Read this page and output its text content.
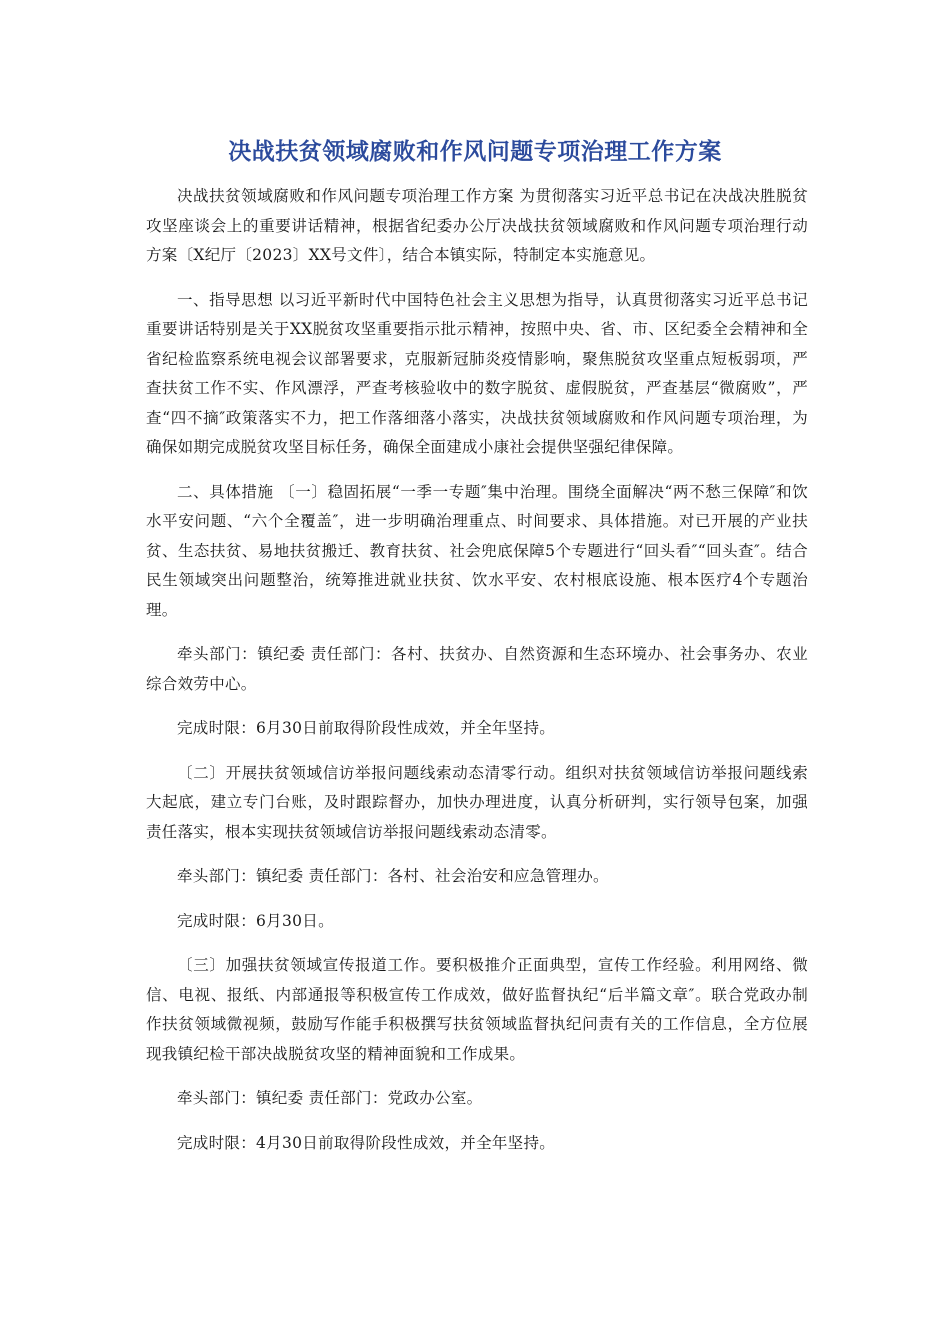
决战扶贫领域腐败和作风问题专项治理工作方案

决战扶贫领域腐败和作风问题专项治理工作方案 为贯彻落实习近平总书记在决战决胜脱贫攻坚座谈会上的重要讲话精神，根据省纪委办公厅决战扶贫领域腐败和作风问题专项治理行动方案〔X纪厅〔2023〕XX号文件〕，结合本镇实际，特制定本实施意见。

一、指导思想 以习近平新时代中国特色社会主义思想为指导，认真贯彻落实习近平总书记重要讲话特别是关于XX脱贫攻坚重要指示批示精神，按照中央、省、市、区纪委全会精神和全省纪检监察系统电视会议部署要求，克服新冠肺炎疫情影响，聚焦脱贫攻坚重点短板弱项，严查扶贫工作不实、作风漂浮，严查考核验收中的数字脱贫、虚假脱贫，严查基层“微腐败”，严查“四不摘″政策落实不力，把工作落细落小落实，决战扶贫领域腐败和作风问题专项治理，为确保如期完成脱贫攻坚目标任务，确保全面建成小康社会提供坚强纪律保障。

二、具体措施 〔一〕稳固拓展“一季一专题″集中治理。围绕全面解决“两不愁三保障″和饮水平安问题、“六个全覆盖″，进一步明确治理重点、时间要求、具体措施。对已开展的产业扶贫、生态扶贫、易地扶贫搬迁、教育扶贫、社会兜底保障5个专题进行“回头看″“回头查″。结合民生领域突出问题整治，统筹推进就业扶贫、饮水平安、农村根底设施、根本医疗4个专题治理。

牵头部门：镇纪委 责任部门：各村、扶贫办、自然资源和生态环境办、社会事务办、农业综合效劳中心。

完成时限：6月30日前取得阶段性成效，并全年坚持。

〔二〕开展扶贫领域信访举报问题线索动态清零行动。组织对扶贫领域信访举报问题线索大起底，建立专门台账，及时跟踪督办，加快办理进度，认真分析研判，实行领导包案，加强责任落实，根本实现扶贫领域信访举报问题线索动态清零。

牵头部门：镇纪委 责任部门：各村、社会治安和应急管理办。

完成时限：6月30日。

〔三〕加强扶贫领域宣传报道工作。要积极推介正面典型，宣传工作经验。利用网络、微信、电视、报纸、内部通报等积极宣传工作成效，做好监督执纪“后半篇文章″。联合党政办制作扶贫领域微视频，鼓励写作能手积极撰写扶贫领域监督执纪问责有关的工作信息，全方位展现我镇纪检干部决战脱贫攻坚的精神面貌和工作成果。

牵头部门：镇纪委 责任部门：党政办公室。

完成时限：4月30日前取得阶段性成效，并全年坚持。
